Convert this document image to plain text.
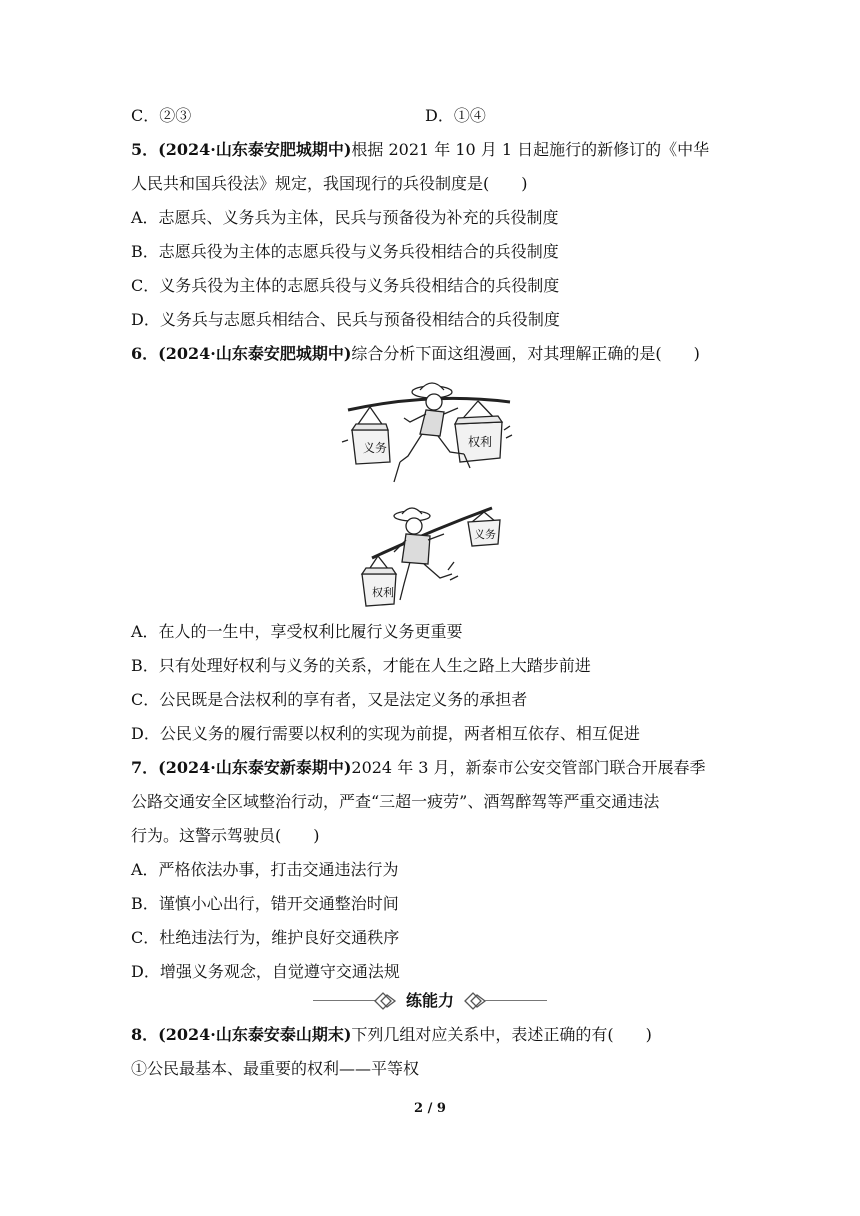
C．②③	D．①④
5．(2024·山东泰安肥城期中)根据 2021 年 10 月 1 日起施行的新修订的《中华
人民共和国兵役法》规定，我国现行的兵役制度是(　　)
A．志愿兵、义务兵为主体，民兵与预备役为补充的兵役制度
B．志愿兵役为主体的志愿兵役与义务兵役相结合的兵役制度
C．义务兵役为主体的志愿兵役与义务兵役相结合的兵役制度
D．义务兵与志愿兵相结合、民兵与预备役相结合的兵役制度
6．(2024·山东泰安肥城期中)综合分析下面这组漫画，对其理解正确的是(　　)
义务	权利
权利
义务
A．在人的一生中，享受权利比履行义务更重要
B．只有处理好权利与义务的关系，才能在人生之路上大踏步前进
C．公民既是合法权利的享有者，又是法定义务的承担者
D．公民义务的履行需要以权利的实现为前提，两者相互依存、相互促进
7．(2024·山东泰安新泰期中)2024 年 3 月，新泰市公安交管部门联合开展春季
公路交通安全区域整治行动，严查“三超一疲劳”、酒驾醉驾等严重交通违法
行为。这警示驾驶员(　　)
A．严格依法办事，打击交通违法行为
B．谨慎小心出行，错开交通整治时间
C．杜绝违法行为，维护良好交通秩序
D．增强义务观念，自觉遵守交通法规
练能力
8．(2024·山东泰安泰山期末)下列几组对应关系中，表述正确的有(　　)
①公民最基本、最重要的权利——平等权
2 / 9
